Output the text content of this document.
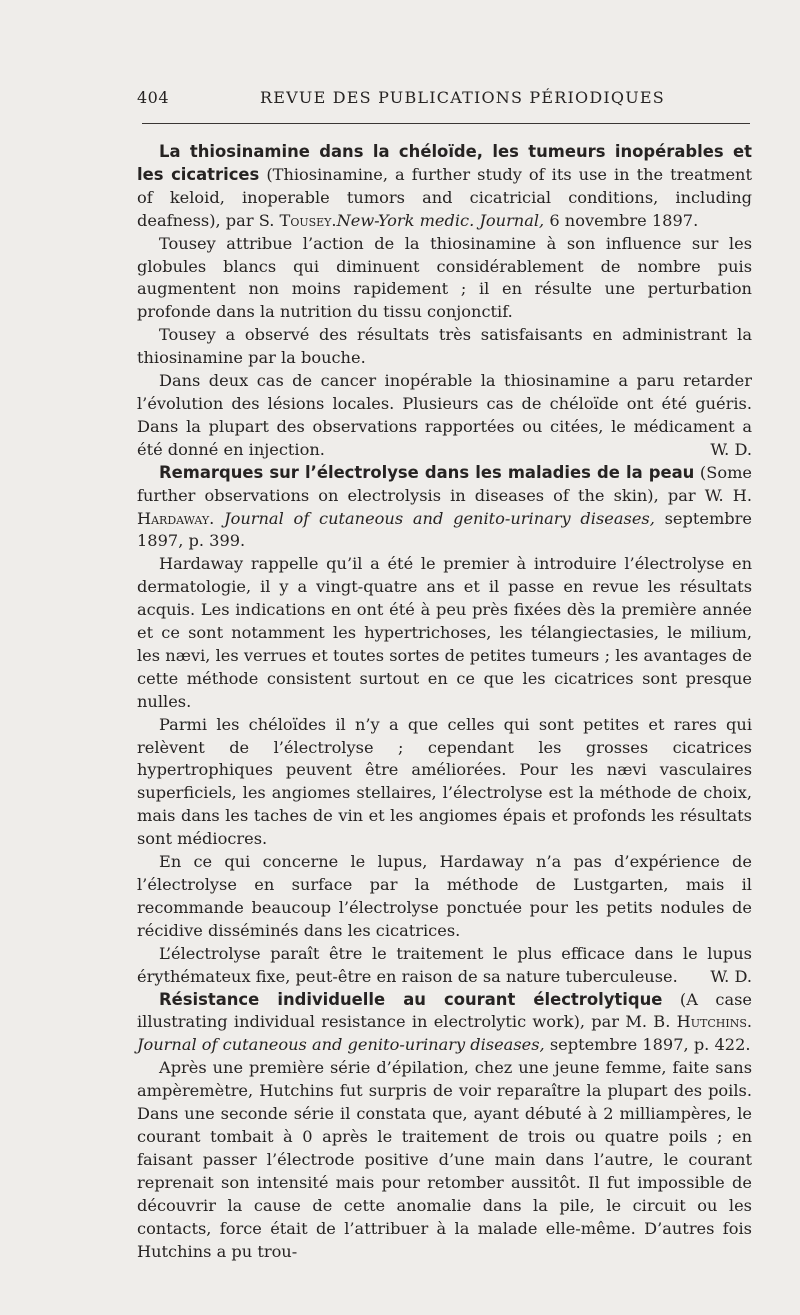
404	REVUE DES PUBLICATIONS PÉRIODIQUES

La thiosinamine dans la chéloïde, les tumeurs inopérables et les cicatrices (Thiosinamine, a further study of its use in the treatment of keloid, inoperable tumors and cicatricial conditions, including deafness), par S. Tousey.New-York medic. Journal, 6 novembre 1897.

Tousey attribue l’action de la thiosinamine à son influence sur les globules blancs qui diminuent considérablement de nombre puis augmentent non moins rapidement ; il en résulte une perturbation profonde dans la nutrition du tissu conjonctif.

Tousey a observé des résultats très satisfaisants en administrant la thiosinamine par la bouche.

Dans deux cas de cancer inopérable la thiosinamine a paru retarder l’évolution des lésions locales. Plusieurs cas de chéloïde ont été guéris. Dans la plupart des observations rapportées ou citées, le médicament a été donné en injection.	W. D.

Remarques sur l’électrolyse dans les maladies de la peau (Some further observations on electrolysis in diseases of the skin), par W. H. Hardaway. Journal of cutaneous and genito-urinary diseases, septembre 1897, p. 399.

Hardaway rappelle qu’il a été le premier à introduire l’électrolyse en dermatologie, il y a vingt-quatre ans et il passe en revue les résultats acquis. Les indications en ont été à peu près fixées dès la première année et ce sont notamment les hypertrichoses, les télangiectasies, le milium, les nævi, les verrues et toutes sortes de petites tumeurs ; les avantages de cette méthode consistent surtout en ce que les cicatrices sont presque nulles.

Parmi les chéloïdes il n’y a que celles qui sont petites et rares qui relèvent de l’électrolyse ; cependant les grosses cicatrices hypertrophiques peuvent être améliorées. Pour les nævi vasculaires superficiels, les angiomes stellaires, l’électrolyse est la méthode de choix, mais dans les taches de vin et les angiomes épais et profonds les résultats sont médiocres.

En ce qui concerne le lupus, Hardaway n’a pas d’expérience de l’électrolyse en surface par la méthode de Lustgarten, mais il recommande beaucoup l’électrolyse ponctuée pour les petits nodules de récidive disséminés dans les cicatrices.

L’électrolyse paraît être le traitement le plus efficace dans le lupus érythémateux fixe, peut-être en raison de sa nature tuberculeuse.	W. D.

Résistance individuelle au courant électrolytique (A case illustrating individual resistance in electrolytic work), par M. B. Hutchins. Journal of cutaneous and genito-urinary diseases, septembre 1897, p. 422.

Après une première série d’épilation, chez une jeune femme, faite sans ampèremètre, Hutchins fut surpris de voir reparaître la plupart des poils. Dans une seconde série il constata que, ayant débuté à 2 milliampères, le courant tombait à 0 après le traitement de trois ou quatre poils ; en faisant passer l’électrode positive d’une main dans l’autre, le courant reprenait son intensité mais pour retomber aussitôt. Il fut impossible de découvrir la cause de cette anomalie dans la pile, le circuit ou les contacts, force était de l’attribuer à la malade elle-même. D’autres fois Hutchins a pu trou-
